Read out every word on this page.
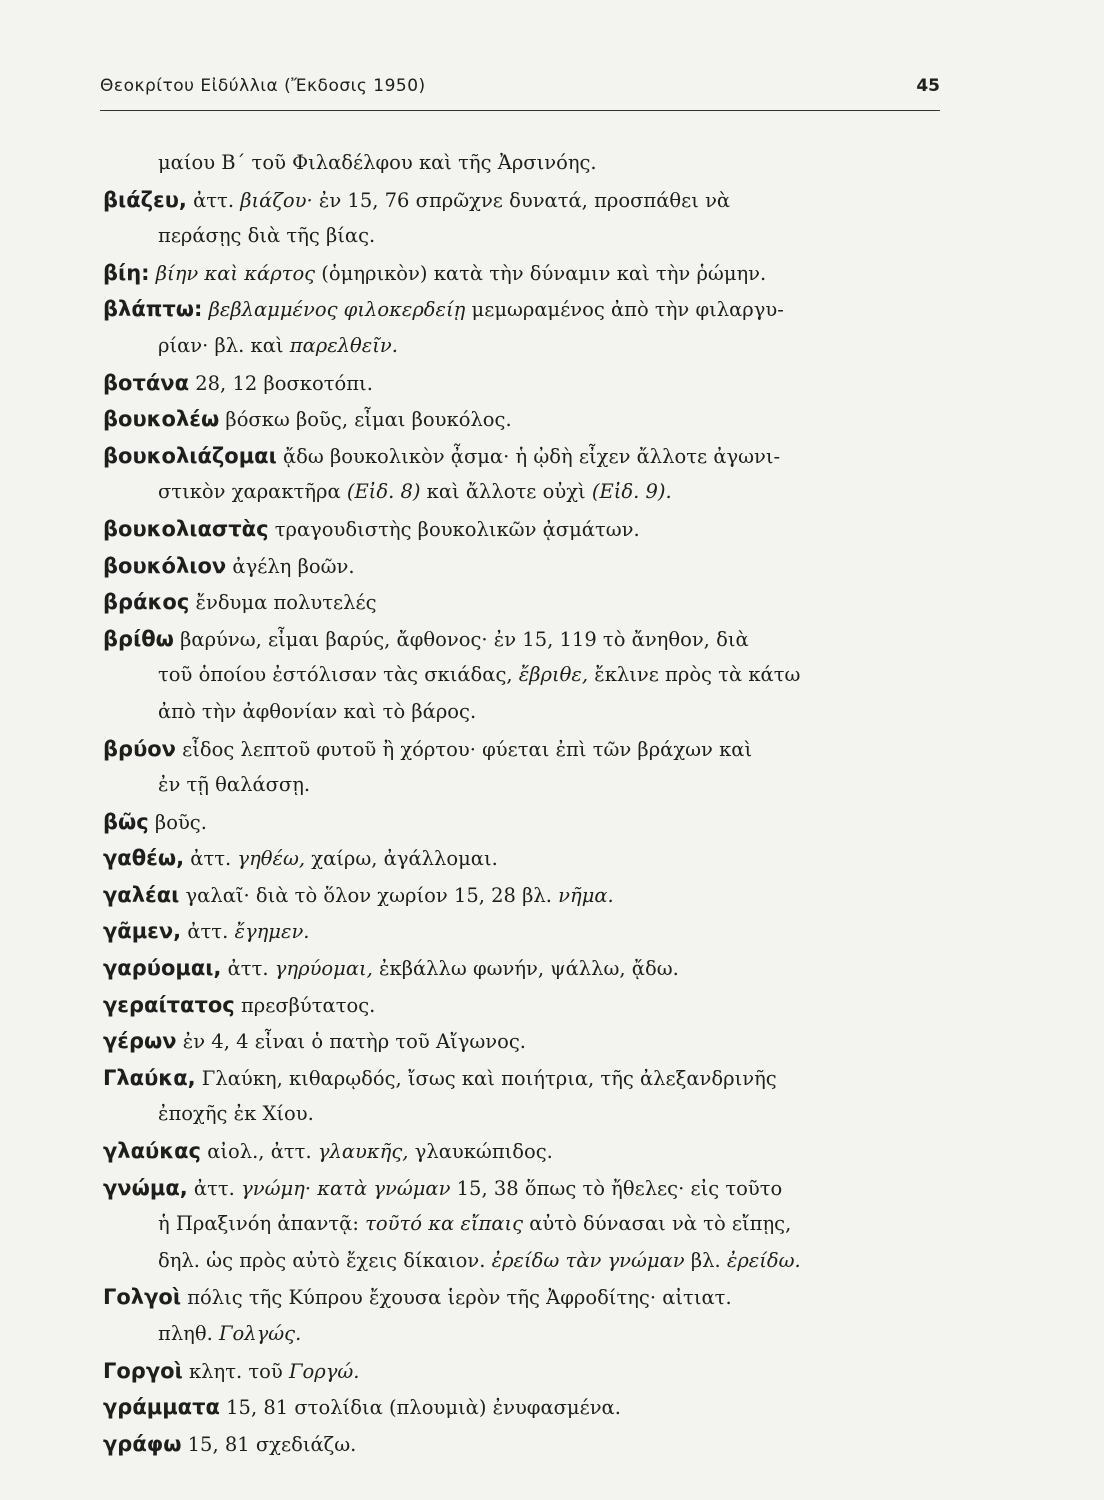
Θεοκρίτου Εἰδύλλια (Ἔκδοσις 1950)	45
μαίου Β΄ τοῦ Φιλαδέλφου καὶ τῆς Ἀρσινόης.
βιάζευ, ἀττ. βιάζου· ἐν 15, 76 σπρῶχνε δυνατά, προσπάθει νὰ
περάσῃς διὰ τῆς βίας.
βίη: βίην καὶ κάρτος (ὁμηρικὸν) κατὰ τὴν δύναμιν καὶ τὴν ῥώμην.
βλάπτω: βεβλαμμένος φιλοκερδείῃ μεμωραμένος ἀπὸ τὴν φιλαργυ-
ρίαν· βλ. καὶ παρελθεῖν.
βοτάνα 28, 12 βοσκοτόπι.
βουκολέω βόσκω βοῦς, εἶμαι βουκόλος.
βουκολιάζομαι ᾄδω βουκολικὸν ᾆσμα· ἡ ᾠδὴ εἶχεν ἄλλοτε ἀγωνι-
στικὸν χαρακτῆρα (Εἰδ. 8) καὶ ἄλλοτε οὐχὶ (Εἰδ. 9).
βουκολιαστὰς τραγουδιστὴς βουκολικῶν ᾀσμάτων.
βουκόλιον ἀγέλη βοῶν.
βράκος ἔνδυμα πολυτελές
βρίθω βαρύνω, εἶμαι βαρύς, ἄφθονος· ἐν 15, 119 τὸ ἄνηθον, διὰ
τοῦ ὁποίου ἐστόλισαν τὰς σκιάδας, ἔβριθε, ἔκλινε πρὸς τὰ κάτω
ἀπὸ τὴν ἀφθονίαν καὶ τὸ βάρος.
βρύον εἶδος λεπτοῦ φυτοῦ ἢ χόρτου· φύεται ἐπὶ τῶν βράχων καὶ
ἐν τῇ θαλάσσῃ.
βῶς βοῦς.
γαθέω, ἀττ. γηθέω, χαίρω, ἀγάλλομαι.
γαλέαι γαλαῖ· διὰ τὸ ὅλον χωρίον 15, 28 βλ. νῆμα.
γᾶμεν, ἀττ. ἔγημεν.
γαρύομαι, ἀττ. γηρύομαι, ἐκβάλλω φωνήν, ψάλλω, ᾄδω.
γεραίτατος πρεσβύτατος.
γέρων ἐν 4, 4 εἶναι ὁ πατὴρ τοῦ Αἴγωνος.
Γλαύκα, Γλαύκη, κιθαρῳδός, ἴσως καὶ ποιήτρια, τῆς ἀλεξανδρινῆς
ἐποχῆς ἐκ Χίου.
γλαύκας αἰολ., ἀττ. γλαυκῆς, γλαυκώπιδος.
γνώμα, ἀττ. γνώμη· κατὰ γνώμαν 15, 38 ὅπως τὸ ἤθελες· εἰς τοῦτο
ἡ Πραξινόη ἀπαντᾷ: τοῦτό κα εἴπαις αὐτὸ δύνασαι νὰ τὸ εἴπῃς,
δηλ. ὡς πρὸς αὐτὸ ἔχεις δίκαιον. ἐρείδω τὰν γνώμαν βλ. ἐρείδω.
Γολγοὶ πόλις τῆς Κύπρου ἔχουσα ἱερὸν τῆς Ἀφροδίτης· αἰτιατ.
πληθ. Γολγώς.
Γοργοὶ κλητ. τοῦ Γοργώ.
γράμματα 15, 81 στολίδια (πλουμιὰ) ἐνυφασμένα.
γράφω 15, 81 σχεδιάζω.
